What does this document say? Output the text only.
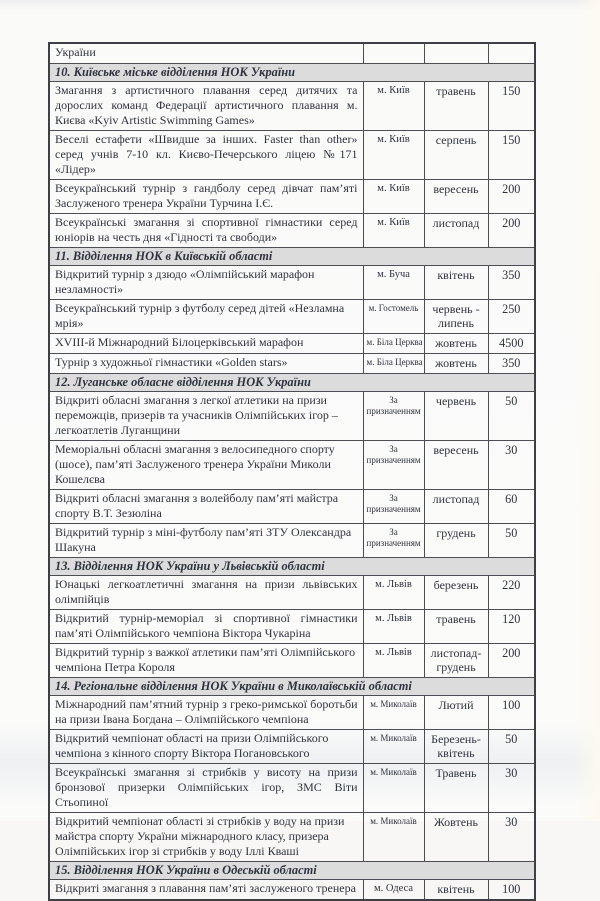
України			
10. Київське міське відділення НОК України			
Змагання з артистичного плавання серед дитячих та дорослих команд Федерації артистичного плавання м. Києва «Kyiv Artistic Swimming Games»	м. Київ	травень	150
Веселі естафети «Швидше за інших. Faster than other» серед учнів 7-10 кл. Києво-Печерського ліцею №171 «Лідер»	м. Київ	серпень	150
Всеукраїнський турнір з гандболу серед дівчат пам’яті Заслуженого тренера України Турчина І.Є.	м. Київ	вересень	200
Всеукраїнські змагання зі спортивної гімнастики серед юніорів на честь дня «Гідності та свободи»	м. Київ	листопад	200
11. Відділення НОК в Київській області			
Відкритий турнір з дзюдо «Олімпійський марафон незламності»	м. Буча	квітень	350
Всеукраїнський турнір з футболу серед дітей «Незламна мрія»	м. Гостомель	червень - липень	250
XVIII-й Міжнародний Білоцерківський марафон	м. Біла Церква	жовтень	4500
Турнір з художньої гімнастики «Golden stars»	м. Біла Церква	жовтень	350
12. Луганське обласне відділення НОК України			
Відкриті обласні змагання з легкої атлетики на призи переможців, призерів та учасників Олімпійських ігор – легкоатлетів Луганщини	За призначенням	червень	50
Меморіальні обласні змагання з велосипедного спорту (шосе), пам’яті Заслуженого тренера України Миколи Кошелєва	За призначенням	вересень	30
Відкриті обласні змагання з волейболу пам’яті майстра спорту В.Т. Зезюліна	За призначенням	листопад	60
Відкритий турнір з міні-футболу пам’яті ЗТУ Олександра Шакуна	За призначенням	грудень	50
13. Відділення НОК України у Львівській області			
Юнацькі легкоатлетичні змагання на призи львівських олімпійців	м. Львів	березень	220
Відкритий турнір-меморіал зі спортивної гімнастики пам’яті Олімпійського чемпіона Віктора Чукаріна	м. Львів	травень	120
Відкритий турнір з важкої атлетики пам’яті Олімпійського чемпіона Петра Короля	м. Львів	листопад-грудень	200
14. Регіональне відділення НОК України в Миколаївській області			
Міжнародний пам’ятний турнір з греко-римської боротьби на призи Івана Богдана – Олімпійського чемпіона	м. Миколаїв	Лютий	100
Відкритий чемпіонат області на призи Олімпійського чемпіона з кінного спорту Віктора Погановського	м. Миколаїв	Березень-квітень	50
Всеукраїнські змагання зі стрибків у висоту на призи бронзової призерки Олімпійських ігор, ЗМС Віти Стьопиної	м. Миколаїв	Травень	30
Відкритий чемпіонат області зі стрибків у воду на призи майстра спорту України міжнародного класу, призера Олімпійських ігор зі стрибків у воду Іллі Кваші	м. Миколаїв	Жовтень	30
15. Відділення НОК України в Одеській області			
Відкриті змагання з плавання пам’яті заслуженого тренера	м. Одеса	квітень	100
